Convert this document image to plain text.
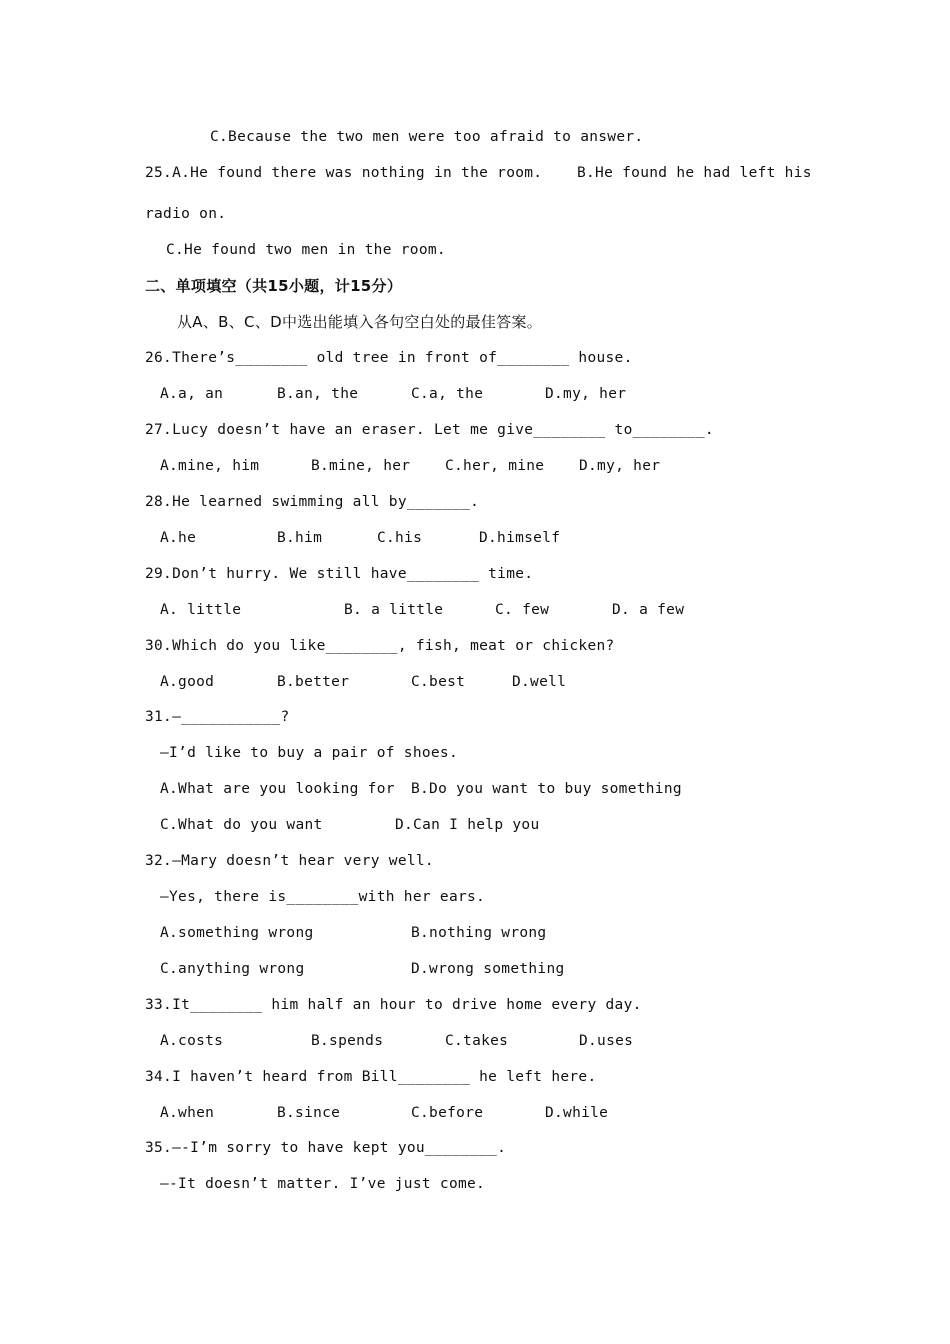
C.Because the two men were too afraid to answer.
25.A.He found there was nothing in the room. B.He found he had left his
radio on.
C.He found two men in the room.
二、单项填空（共15小题，计15分）
从A、B、C、D中选出能填入各句空白处的最佳答案。
26.There’s________ old tree in front of________ house.
A.a, an	B.an, the	C.a, the	D.my, her
27.Lucy doesn’t have an eraser. Let me give________ to________.
A.mine, him	B.mine, her C.her, mine D.my, her
28.He learned swimming all by_______.
A.he	B.him	C.his	D.himself
29.Don’t hurry. We still have________ time.
A. little	B. a little	C. few	D. a few
30.Which do you like________, fish, meat or chicken?
A.good	B.better	C.best	D.well
31.—___________?
—I’d like to buy a pair of shoes.
A.What are you looking for B.Do you want to buy something
C.What do you want	D.Can I help you
32.—Mary doesn’t hear very well.
—Yes, there is________with her ears.
A.something wrong	B.nothing wrong
C.anything wrong	D.wrong something
33.It________ him half an hour to drive home every day.
A.costs	B.spends	C.takes	D.uses
34.I haven’t heard from Bill________ he left here.
A.when	B.since	C.before	D.while
35.—-I’m sorry to have kept you________.
—-It doesn’t matter. I’ve just come.
